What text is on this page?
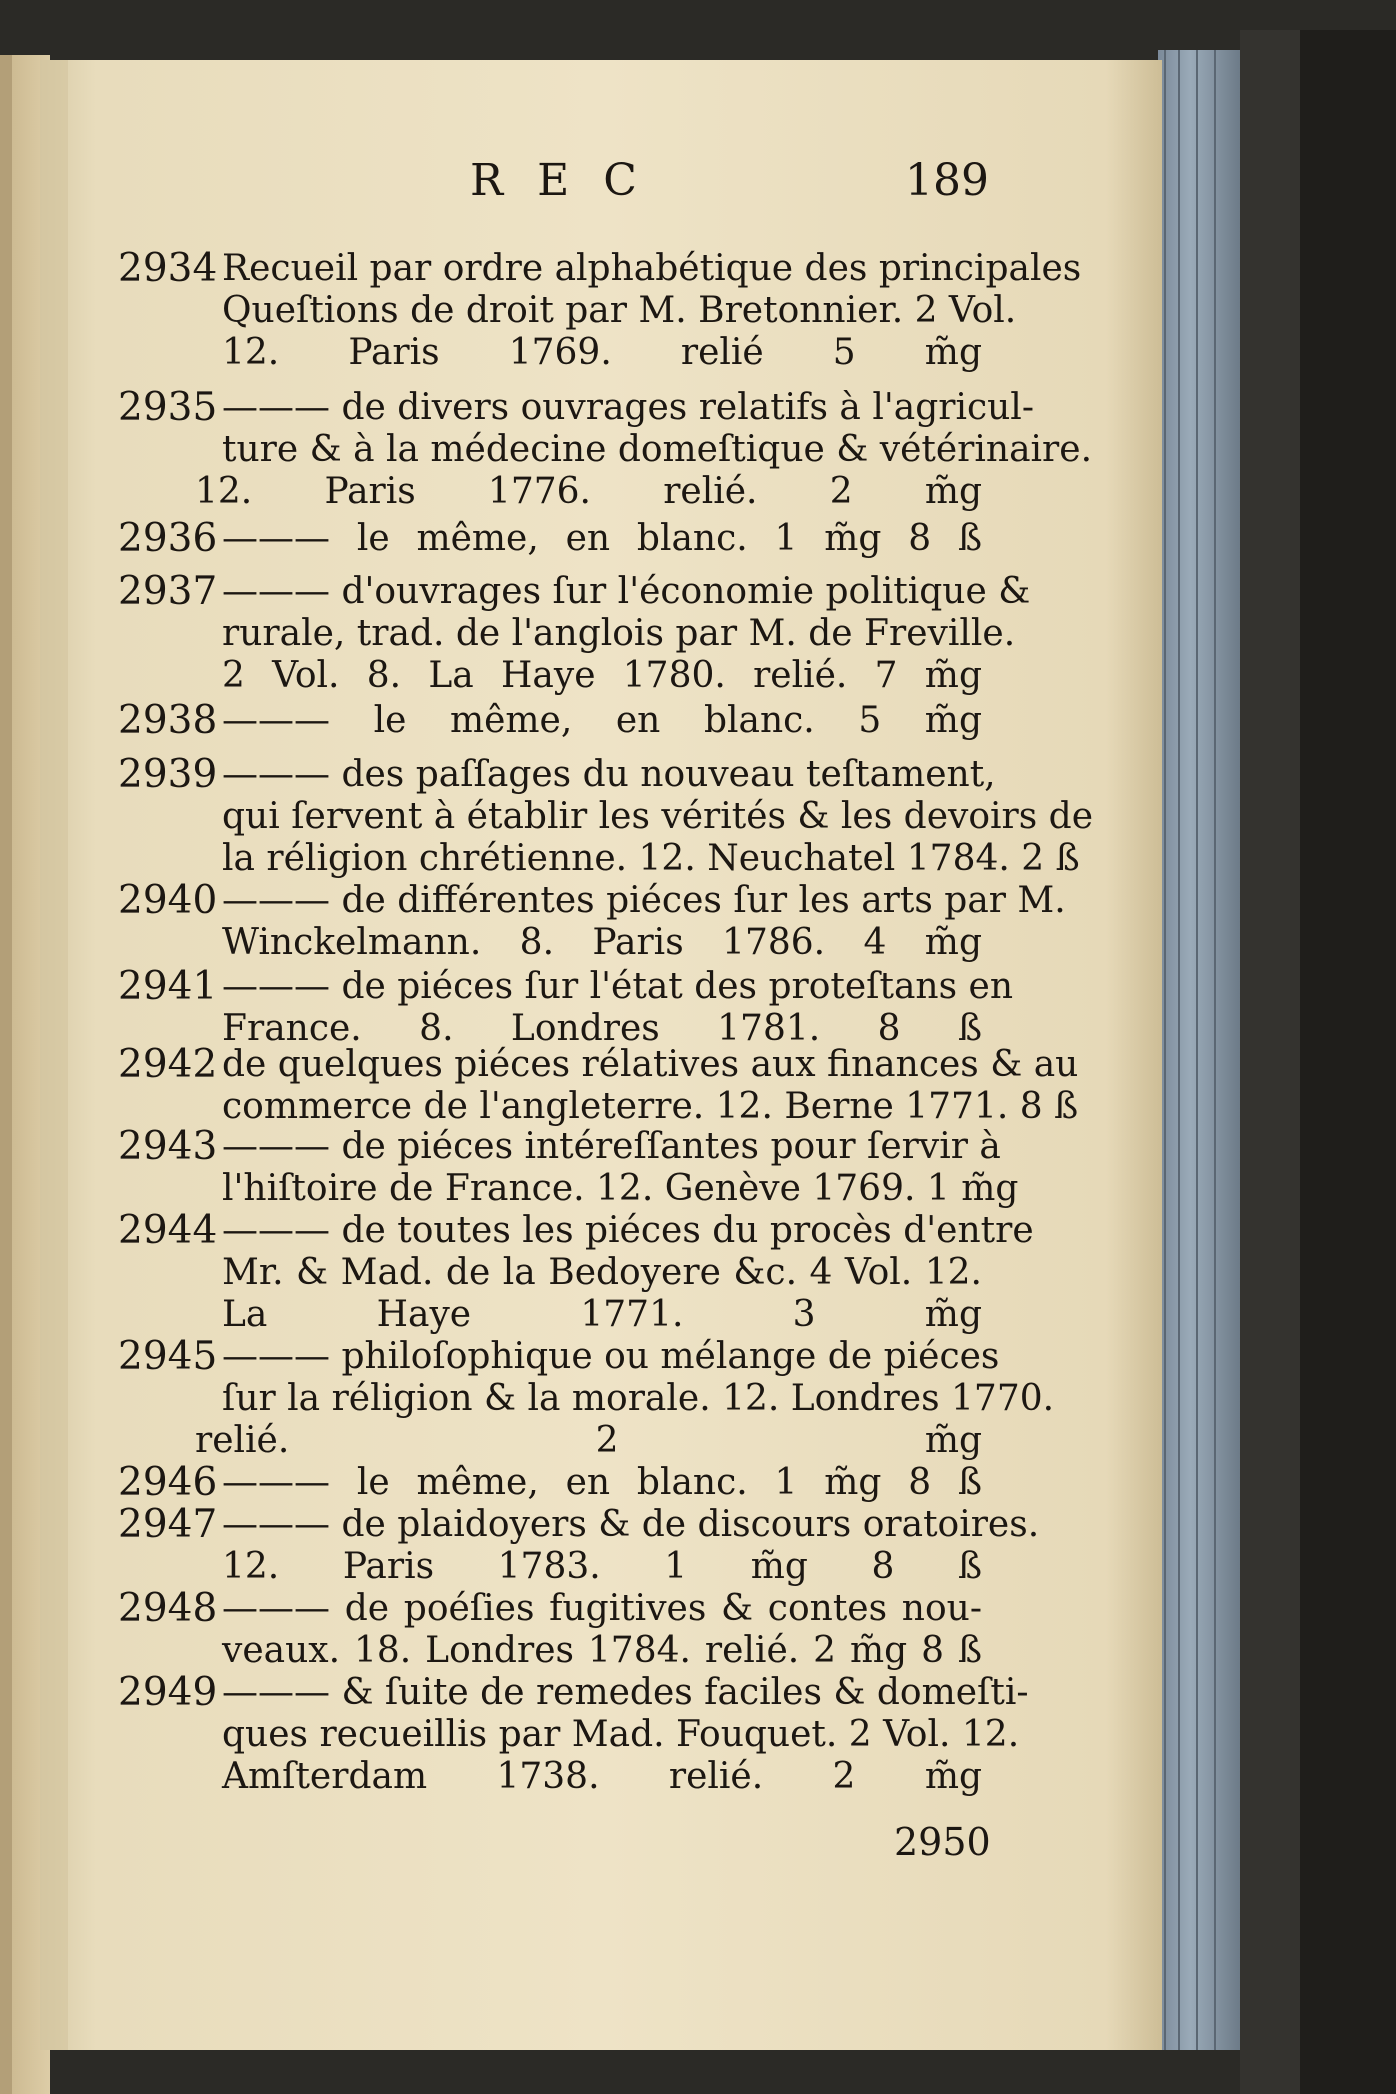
R E C	189
2934 Recueil par ordre alphabétique des principales
Queſtions de droit par M. Bretonnier. 2 Vol.
12. Paris 1769. relié 5 m̃g
2935 ——— de divers ouvrages relatifs à l'agricul-
ture & à la médecine domeſtique & vétérinaire.
12. Paris 1776. relié. 2 m̃g
2936 ——— le même, en blanc. 1 m̃g 8 ß
2937 ——— d'ouvrages ſur l'économie politique &
rurale, trad. de l'anglois par M. de Freville.
2 Vol. 8. La Haye 1780. relié. 7 m̃g
2938 ——— le même, en blanc. 5 m̃g
2939 ——— des paſſages du nouveau teſtament,
qui ſervent à établir les vérités & les devoirs de
la réligion chrétienne. 12. Neuchatel 1784. 2 ß
2940 ——— de différentes piéces ſur les arts par M.
Winckelmann. 8. Paris 1786. 4 m̃g
2941 ——— de piéces ſur l'état des proteſtans en
France. 8. Londres 1781. 8 ß
2942 de quelques piéces rélatives aux finances & au
commerce de l'angleterre. 12. Berne 1771. 8 ß
2943 ——— de piéces intéreſſantes pour ſervir à
l'hiſtoire de France. 12. Genève 1769. 1 m̃g
2944 ——— de toutes les piéces du procès d'entre
Mr. & Mad. de la Bedoyere &c. 4 Vol. 12.
La Haye 1771. 3 m̃g
2945 ——— philoſophique ou mélange de piéces
ſur la réligion & la morale. 12. Londres 1770.
relié. 2 m̃g
2946 ——— le même, en blanc. 1 m̃g 8 ß
2947 ——— de plaidoyers & de discours oratoires.
12. Paris 1783. 1 m̃g 8 ß
2948 ——— de poéſies fugitives & contes nou-
veaux. 18. Londres 1784. relié. 2 m̃g 8 ß
2949 ——— & ſuite de remedes faciles & domeſti-
ques recueillis par Mad. Fouquet. 2 Vol. 12.
Amſterdam 1738. relié. 2 m̃g
2950
